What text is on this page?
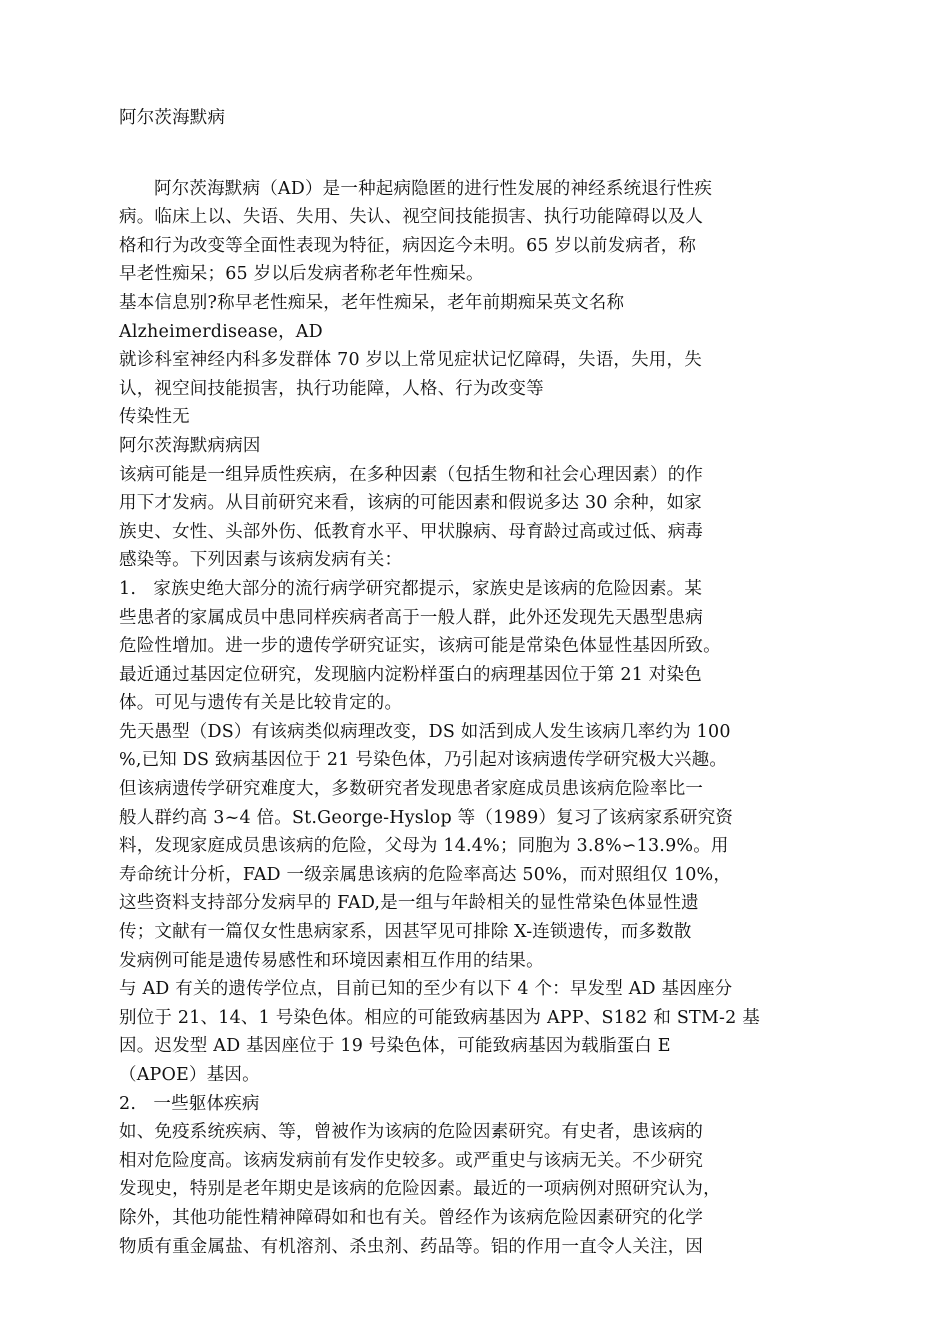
阿尔茨海默病

阿尔茨海默病（AD）是一种起病隐匿的进行性发展的神经系统退行性疾
病。临床上以、失语、失用、失认、视空间技能损害、执行功能障碍以及人
格和行为改变等全面性表现为特征，病因迄今未明。65 岁以前发病者，称
早老性痴呆；65 岁以后发病者称老年性痴呆。

基本信息别?称早老性痴呆，老年性痴呆，老年前期痴呆英文名称
Alzheimerdisease，AD
就诊科室神经内科多发群体 70 岁以上常见症状记忆障碍，失语，失用，失
认，视空间技能损害，执行功能障，人格、行为改变等
传染性无
阿尔茨海默病病因
该病可能是一组异质性疾病，在多种因素（包括生物和社会心理因素）的作
用下才发病。从目前研究来看，该病的可能因素和假说多达 30 余种，如家
族史、女性、头部外伤、低教育水平、甲状腺病、母育龄过高或过低、病毒
感染等。下列因素与该病发病有关：
1.   家族史绝大部分的流行病学研究都提示，家族史是该病的危险因素。某
些患者的家属成员中患同样疾病者高于一般人群，此外还发现先天愚型患病
危险性增加。进一步的遗传学研究证实，该病可能是常染色体显性基因所致。
最近通过基因定位研究，发现脑内淀粉样蛋白的病理基因位于第 21 对染色
体。可见与遗传有关是比较肯定的。
先天愚型（DS）有该病类似病理改变，DS 如活到成人发生该病几率约为 100
%,已知 DS 致病基因位于 21 号染色体，乃引起对该病遗传学研究极大兴趣。
但该病遗传学研究难度大，多数研究者发现患者家庭成员患该病危险率比一
般人群约高 3~4 倍。St.George-Hyslop 等（1989）复习了该病家系研究资
料，发现家庭成员患该病的危险，父母为 14.4%；同胞为 3.8%∽13.9%。用
寿命统计分析，FAD 一级亲属患该病的危险率高达 50%，而对照组仅 10%，
这些资料支持部分发病早的 FAD,是一组与年龄相关的显性常染色体显性遗
传；文献有一篇仅女性患病家系，因甚罕见可排除 X-连锁遗传，而多数散
发病例可能是遗传易感性和环境因素相互作用的结果。
与 AD 有关的遗传学位点，目前已知的至少有以下 4 个：早发型 AD 基因座分
别位于 21、14、1 号染色体。相应的可能致病基因为 APP、S182 和 STM-2 基
因。迟发型 AD 基因座位于 19 号染色体，可能致病基因为载脂蛋白 E
（APOE）基因。
2.   一些躯体疾病
如、免疫系统疾病、等，曾被作为该病的危险因素研究。有史者，患该病的
相对危险度高。该病发病前有发作史较多。或严重史与该病无关。不少研究
发现史，特别是老年期史是该病的危险因素。最近的一项病例对照研究认为，
除外，其他功能性精神障碍如和也有关。曾经作为该病危险因素研究的化学
物质有重金属盐、有机溶剂、杀虫剂、药品等。铝的作用一直令人关注，因
